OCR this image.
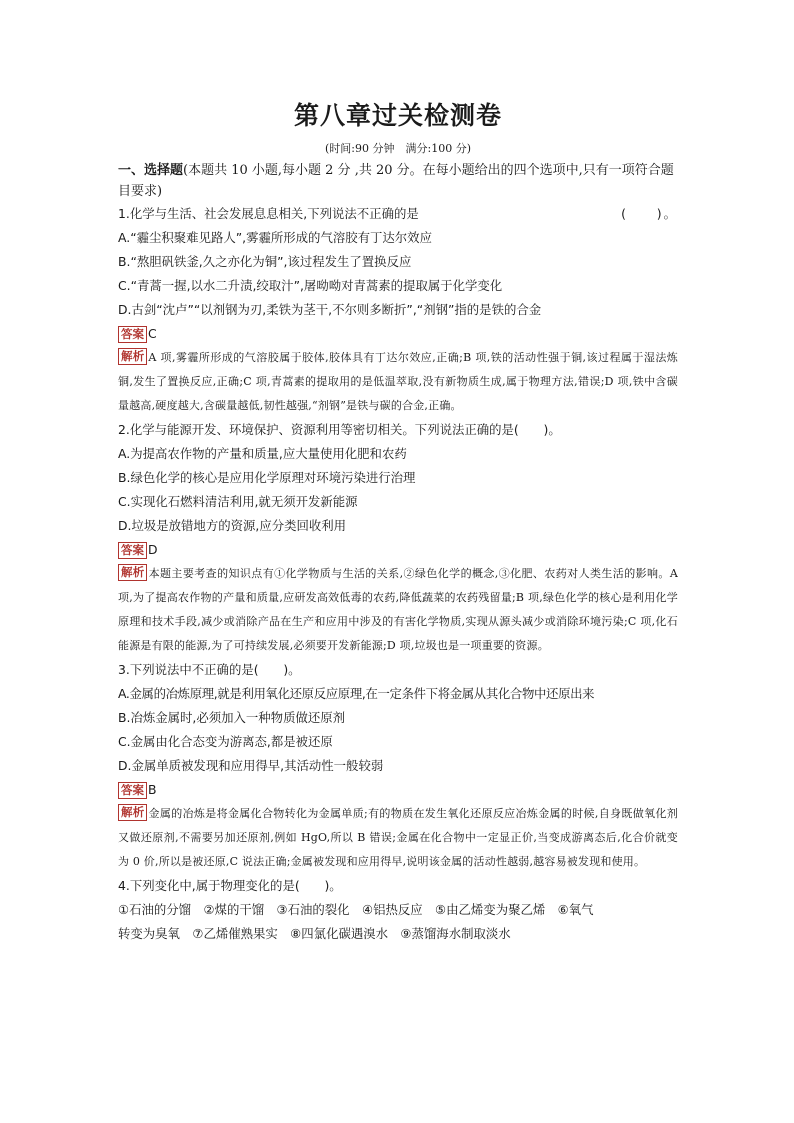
第八章过关检测卷
(时间:90 分钟　满分:100 分)
一、选择题(本题共 10 小题,每小题 2 分 ,共 20 分。在每小题给出的四个选项中,只有一项符合题目要求)
1.化学与生活、社会发展息息相关,下列说法不正确的是	(　　)。
A.“霾尘积聚难见路人”,雾霾所形成的气溶胶有丁达尔效应
B.“熬胆矾铁釜,久之亦化为铜”,该过程发生了置换反应
C.“青蒿一握,以水二升渍,绞取汁”,屠呦呦对青蒿素的提取属于化学变化
D.古剑“沈卢”“以剂钢为刃,柔铁为茎干,不尔则多断折”,“剂钢”指的是铁的合金
答案 C
解析 A 项,雾霾所形成的气溶胶属于胶体,胶体具有丁达尔效应,正确;B 项,铁的活动性强于铜,该过程属于湿法炼铜,发生了置换反应,正确;C 项,青蒿素的提取用的是低温萃取,没有新物质生成,属于物理方法,错误;D 项,铁中含碳量越高,硬度越大,含碳量越低,韧性越强,“剂钢”是铁与碳的合金,正确。
2.化学与能源开发、环境保护、资源利用等密切相关。下列说法正确的是(　　)。
A.为提高农作物的产量和质量,应大量使用化肥和农药
B.绿色化学的核心是应用化学原理对环境污染进行治理
C.实现化石燃料清洁利用,就无须开发新能源
D.垃圾是放错地方的资源,应分类回收利用
答案 D
解析 本题主要考查的知识点有①化学物质与生活的关系,②绿色化学的概念,③化肥、农药对人类生活的影响。A 项,为了提高农作物的产量和质量,应研发高效低毒的农药,降低蔬菜的农药残留量;B 项,绿色化学的核心是利用化学原理和技术手段,减少或消除产品在生产和应用中涉及的有害化学物质,实现从源头减少或消除环境污染;C 项,化石能源是有限的能源,为了可持续发展,必须要开发新能源;D 项,垃圾也是一项重要的资源。
3.下列说法中不正确的是(　　)。
A.金属的冶炼原理,就是利用氧化还原反应原理,在一定条件下将金属从其化合物中还原出来
B.冶炼金属时,必须加入一种物质做还原剂
C.金属由化合态变为游离态,都是被还原
D.金属单质被发现和应用得早,其活动性一般较弱
答案 B
解析 金属的冶炼是将金属化合物转化为金属单质;有的物质在发生氧化还原反应冶炼金属的时候,自身既做氧化剂又做还原剂,不需要另加还原剂,例如 HgO,所以 B 错误;金属在化合物中一定显正价,当变成游离态后,化合价就变为 0 价,所以是被还原,C 说法正确;金属被发现和应用得早,说明该金属的活动性越弱,越容易被发现和使用。
4.下列变化中,属于物理变化的是(　　)。
①石油的分馏　②煤的干馏　③石油的裂化　④铝热反应　⑤由乙烯变为聚乙烯　⑥氧气
转变为臭氧　⑦乙烯催熟果实　⑧四氯化碳遇溴水　⑨蒸馏海水制取淡水
